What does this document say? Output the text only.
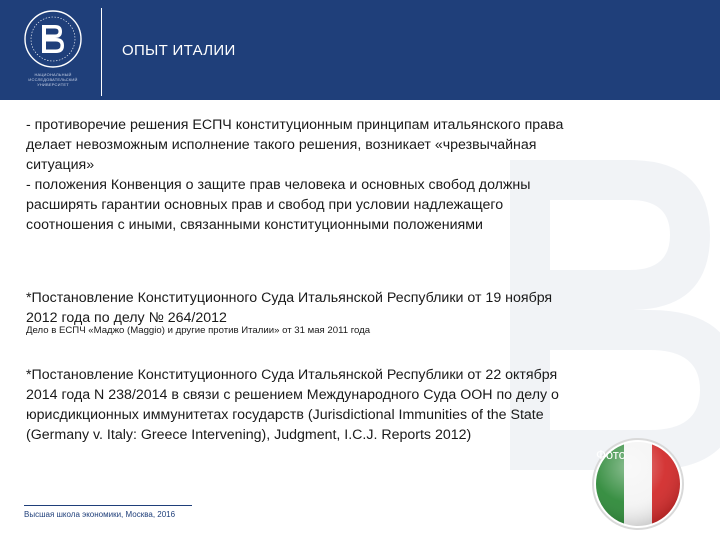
НАЦИОНАЛЬНЫЙ ИССЛЕДОВАТЕЛЬСКИЙ УНИВЕРСИТЕТ
ОПЫТ ИТАЛИИ

- противоречие решения ЕСПЧ конституционным принципам итальянского права

делает невозможным исполнение такого решения, возникает «чрезвычайная

ситуация»

- положения Конвенция о защите прав человека и основных свобод должны

расширять гарантии основных прав и свобод при условии надлежащего

соотношения с иными, связанными конституционными положениями

*Постановление Конституционного Суда Итальянской Республики от 19 ноября

2012 года по делу № 264/2012

Дело в ЕСПЧ «Маджо (Maggio) и другие против Италии» от 31 мая 2011 года

*Постановление Конституционного Суда Итальянской Республики от 22 октября

2014 года N 238/2014 в связи с решением Международного Суда ООН по делу о

юрисдикционных иммунитетах государств (Jurisdictional Immunities of the State

(Germany v. Italy: Greece Intervening), Judgment, I.C.J. Reports 2012)

Фото
Высшая школа экономики, Москва, 2016
